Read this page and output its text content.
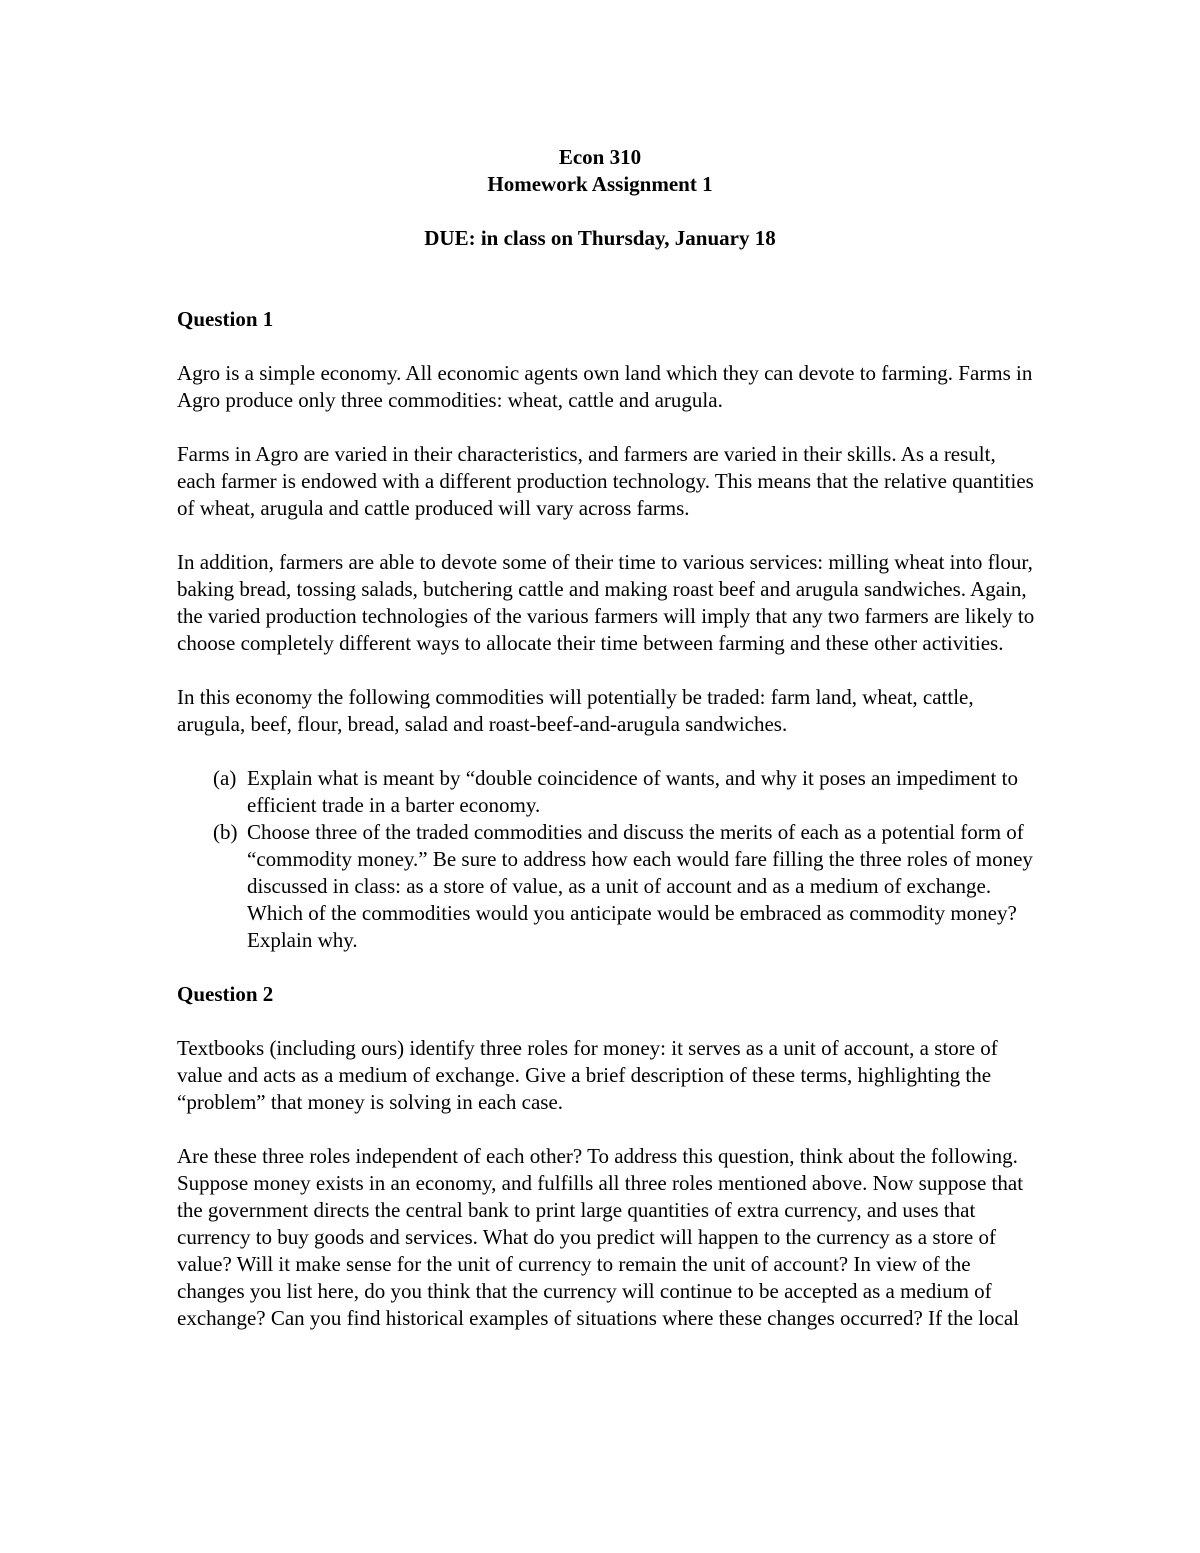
Econ 310
Homework Assignment 1
DUE: in class on Thursday, January 18
Question 1

Agro is a simple economy. All economic agents own land which they can devote to farming. Farms in Agro produce only three commodities: wheat, cattle and arugula.

Farms in Agro are varied in their characteristics, and farmers are varied in their skills. As a result, each farmer is endowed with a different production technology. This means that the relative quantities of wheat, arugula and cattle produced will vary across farms.

In addition, farmers are able to devote some of their time to various services: milling wheat into flour, baking bread, tossing salads, butchering cattle and making roast beef and arugula sandwiches. Again, the varied production technologies of the various farmers will imply that any two farmers are likely to choose completely different ways to allocate their time between farming and these other activities.

In this economy the following commodities will potentially be traded: farm land, wheat, cattle, arugula, beef, flour, bread, salad and roast-beef-and-arugula sandwiches.

(a) Explain what is meant by “double coincidence of wants, and why it poses an impediment to efficient trade in a barter economy.
(b) Choose three of the traded commodities and discuss the merits of each as a potential form of “commodity money.” Be sure to address how each would fare filling the three roles of money discussed in class: as a store of value, as a unit of account and as a medium of exchange. Which of the commodities would you anticipate would be embraced as commodity money? Explain why.
Question 2

Textbooks (including ours) identify three roles for money: it serves as a unit of account, a store of value and acts as a medium of exchange. Give a brief description of these terms, highlighting the “problem” that money is solving in each case.

Are these three roles independent of each other? To address this question, think about the following. Suppose money exists in an economy, and fulfills all three roles mentioned above. Now suppose that the government directs the central bank to print large quantities of extra currency, and uses that currency to buy goods and services. What do you predict will happen to the currency as a store of value? Will it make sense for the unit of currency to remain the unit of account? In view of the changes you list here, do you think that the currency will continue to be accepted as a medium of exchange? Can you find historical examples of situations where these changes occurred? If the local
